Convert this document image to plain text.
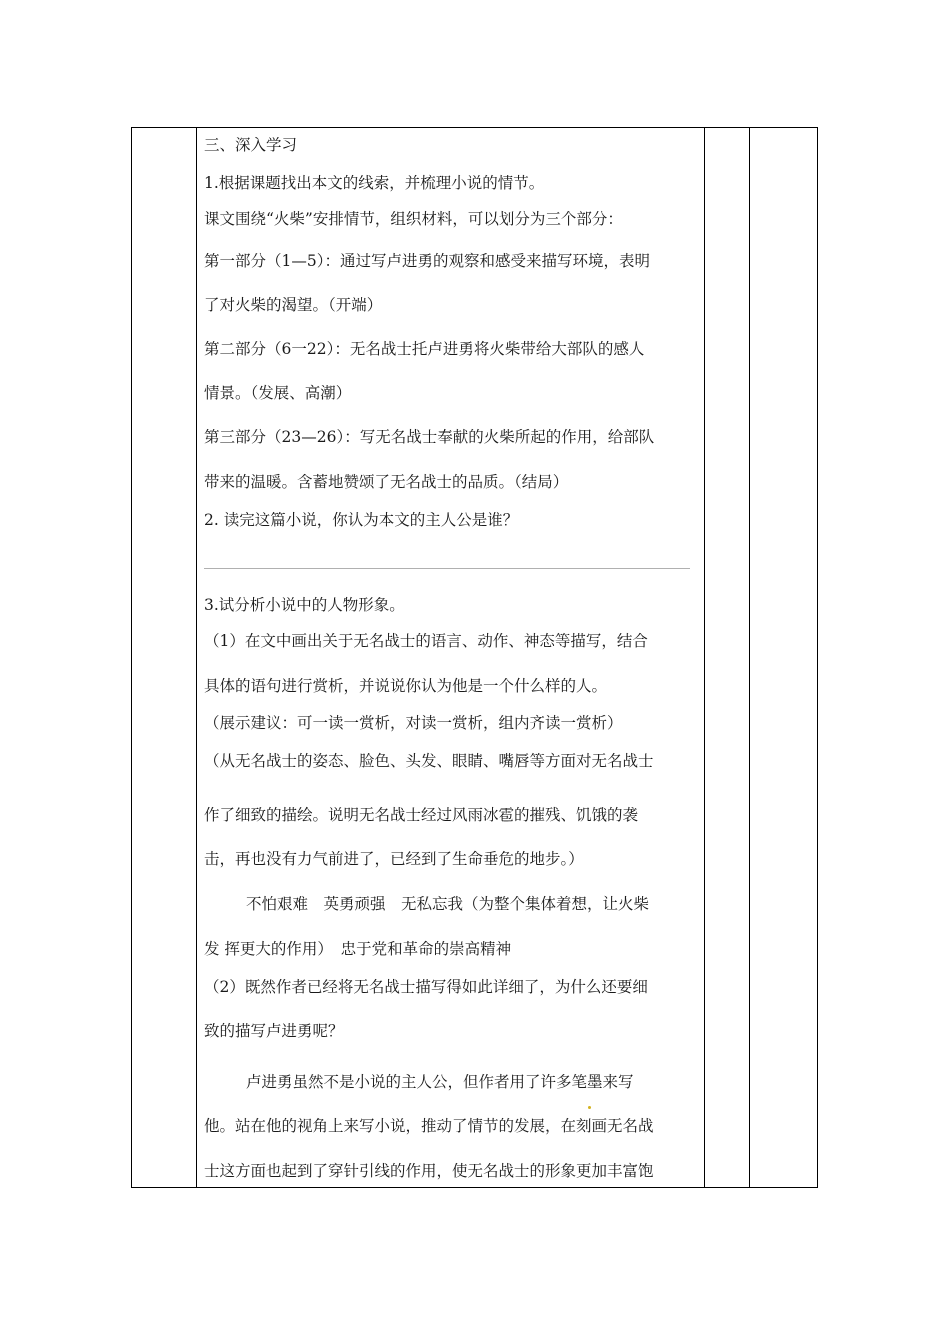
三、深入学习
1.根据课题找出本文的线索，并梳理小说的情节。
课文围绕“火柴”安排情节，组织材料，可以划分为三个部分：
第一部分（1—5）：通过写卢进勇的观察和感受来描写环境，表明
了对火柴的渴望。（开端）
第二部分（6一22）：无名战士托卢进勇将火柴带给大部队的感人
情景。（发展、高潮）
第三部分（23—26）：写无名战士奉献的火柴所起的作用，给部队
带来的温暖。含蓄地赞颂了无名战士的品质。（结局）
2. 读完这篇小说，你认为本文的主人公是谁？
3.试分析小说中的人物形象。
（1）在文中画出关于无名战士的语言、动作、神态等描写，结合
具体的语句进行赏析，并说说你认为他是一个什么样的人。
（展示建议：可一读一赏析，对读一赏析，组内齐读一赏析）
（从无名战士的姿态、脸色、头发、眼睛、嘴唇等方面对无名战士
作了细致的描绘。说明无名战士经过风雨冰雹的摧残、饥饿的袭
击，再也没有力气前进了，已经到了生命垂危的地步。）
不怕艰难　英勇顽强　无私忘我（为整个集体着想，让火柴
发 挥更大的作用）　忠于党和革命的崇高精神
（2）既然作者已经将无名战士描写得如此详细了，为什么还要细
致的描写卢进勇呢？
卢进勇虽然不是小说的主人公，但作者用了许多笔墨来写
他。站在他的视角上来写小说，推动了情节的发展，在刻画无名战
士这方面也起到了穿针引线的作用，使无名战士的形象更加丰富饱
